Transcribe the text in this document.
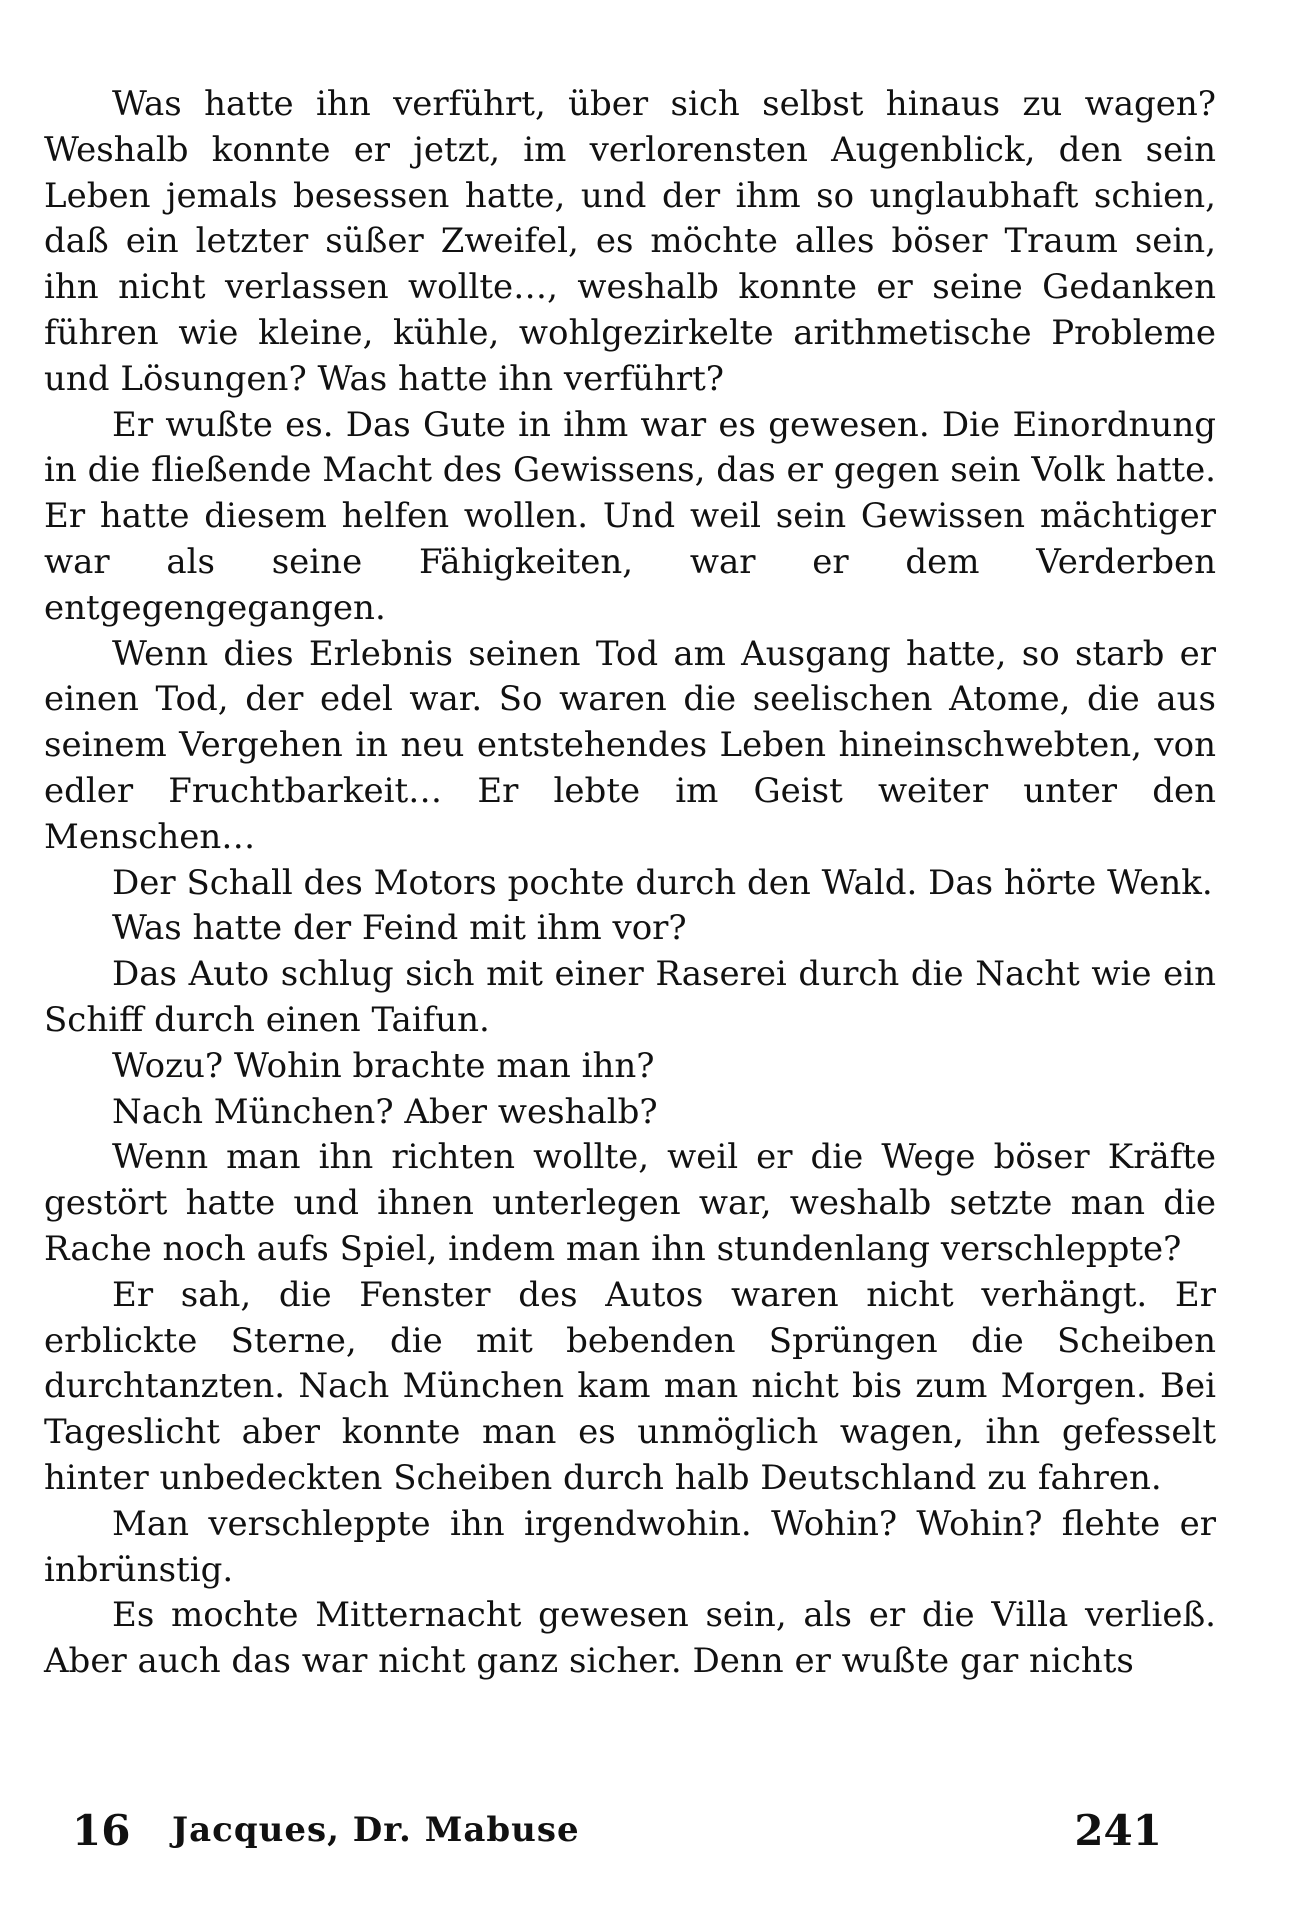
Was hatte ihn verführt, über sich selbst hinaus zu wagen? Weshalb konnte er jetzt, im verlorensten Augenblick, den sein Leben jemals besessen hatte, und der ihm so unglaubhaft schien, daß ein letzter süßer Zweifel, es möchte alles böser Traum sein, ihn nicht verlassen wollte…, weshalb konnte er seine Gedanken führen wie kleine, kühle, wohlgezirkelte arithmetische Probleme und Lösungen? Was hatte ihn verführt?

Er wußte es. Das Gute in ihm war es gewesen. Die Einordnung in die fließende Macht des Gewissens, das er gegen sein Volk hatte. Er hatte diesem helfen wollen. Und weil sein Gewissen mächtiger war als seine Fähigkeiten, war er dem Verderben entgegengegangen.

Wenn dies Erlebnis seinen Tod am Ausgang hatte, so starb er einen Tod, der edel war. So waren die seelischen Atome, die aus seinem Vergehen in neu entstehendes Leben hineinschwebten, von edler Fruchtbarkeit… Er lebte im Geist weiter unter den Menschen…

Der Schall des Motors pochte durch den Wald. Das hörte Wenk.

Was hatte der Feind mit ihm vor?

Das Auto schlug sich mit einer Raserei durch die Nacht wie ein Schiff durch einen Taifun.

Wozu? Wohin brachte man ihn?

Nach München? Aber weshalb?

Wenn man ihn richten wollte, weil er die Wege böser Kräfte gestört hatte und ihnen unterlegen war, weshalb setzte man die Rache noch aufs Spiel, indem man ihn stundenlang verschleppte?

Er sah, die Fenster des Autos waren nicht verhängt. Er erblickte Sterne, die mit bebenden Sprüngen die Scheiben durchtanzten. Nach München kam man nicht bis zum Morgen. Bei Tageslicht aber konnte man es unmöglich wagen, ihn gefesselt hinter unbedeckten Scheiben durch halb Deutschland zu fahren.

Man verschleppte ihn irgendwohin. Wohin? Wohin? flehte er inbrünstig.

Es mochte Mitternacht gewesen sein, als er die Villa verließ. Aber auch das war nicht ganz sicher. Denn er wußte gar nichts

16 Jacques, Dr. Mabuse	241
